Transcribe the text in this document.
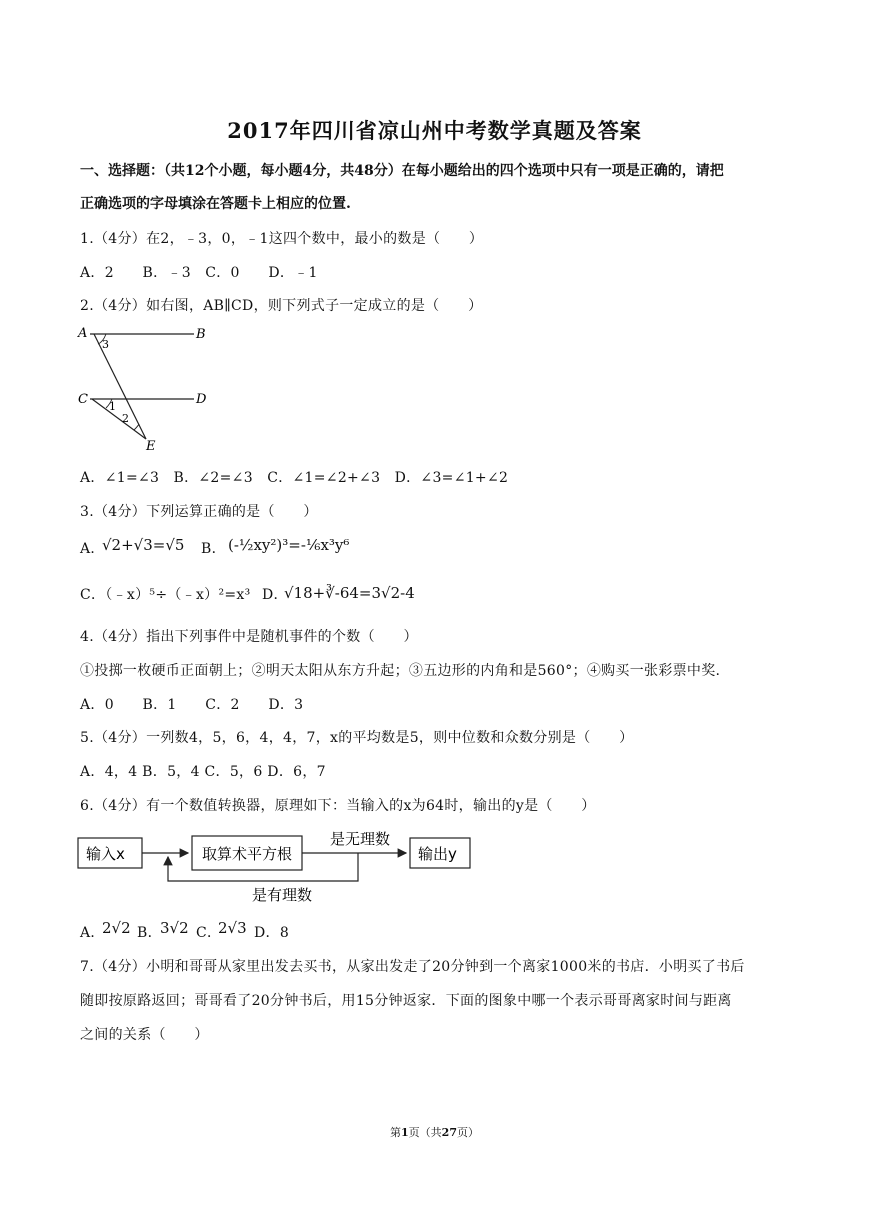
2017年四川省凉山州中考数学真题及答案
一、选择题：（共12个小题，每小题4分，共48分）在每小题给出的四个选项中只有一项是正确的，请把
正确选项的字母填涂在答题卡上相应的位置.
1.（4分）在2，﹣3，0，﹣1这四个数中，最小的数是（　　）
A．2　　B．﹣3　C．0　　D．﹣1
2.（4分）如右图，AB∥CD，则下列式子一定成立的是（　　）
A	B
C	D
E
1
2
3
A．∠1=∠3　B．∠2=∠3　C．∠1=∠2+∠3　D．∠3=∠1+∠2
3.（4分）下列运算正确的是（　　）
A．
√2+√3=√5 B． (-½xy²)³=-⅙x³y⁶
C．（﹣x）⁵÷（﹣x）²=x³ D．
√18+∛-64=3√2-4
4.（4分）指出下列事件中是随机事件的个数（　　）
①投掷一枚硬币正面朝上；②明天太阳从东方升起；③五边形的内角和是560°；④购买一张彩票中奖.
A．0　　B．1　　C．2　　D．3
5.（4分）一列数4，5，6，4，4，7，x的平均数是5，则中位数和众数分别是（　　）
A．4，4 B．5，4 C．5，6 D．6，7
6.（4分）有一个数值转换器，原理如下：当输入的x为64时，输出的y是（　　）
输入x	取算术平方根	输出y
是无理数
是有理数
A．
2√2 B．
3√2 C．
2√3 D．8
7.（4分）小明和哥哥从家里出发去买书，从家出发走了20分钟到一个离家1000米的书店．小明买了书后
随即按原路返回；哥哥看了20分钟书后，用15分钟返家．下面的图象中哪一个表示哥哥离家时间与距离
之间的关系（　　）
第1页（共27页）
